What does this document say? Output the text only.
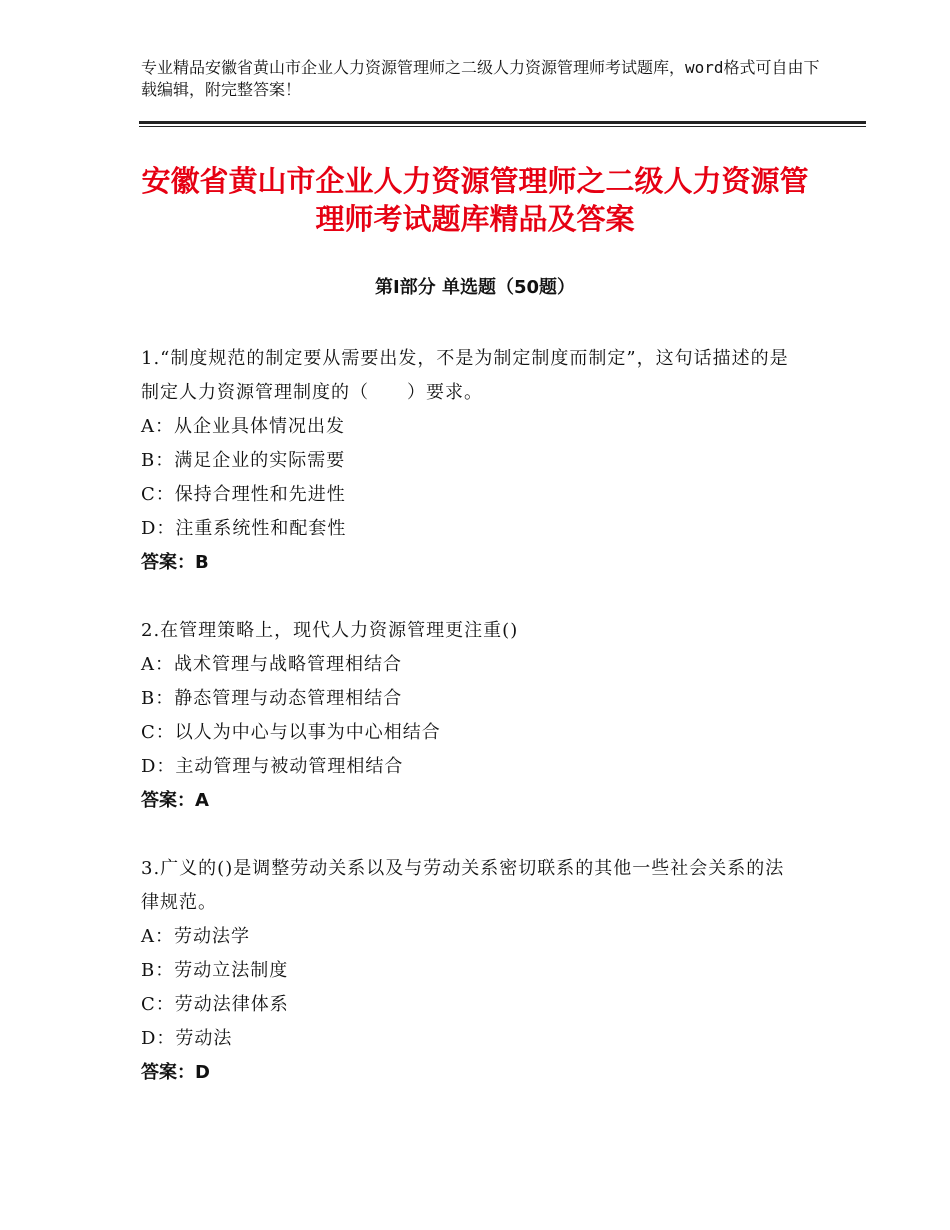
专业精品安徽省黄山市企业人力资源管理师之二级人力资源管理师考试题库，word格式可自由下载编辑，附完整答案！
安徽省黄山市企业人力资源管理师之二级人力资源管理师考试题库精品及答案
第Ⅰ部分 单选题（50题）
1.“制度规范的制定要从需要出发，不是为制定制度而制定”，这句话描述的是制定人力资源管理制度的（　　）要求。
A：从企业具体情况出发
B：满足企业的实际需要
C：保持合理性和先进性
D：注重系统性和配套性
答案：B
2.在管理策略上，现代人力资源管理更注重()
A：战术管理与战略管理相结合
B：静态管理与动态管理相结合
C：以人为中心与以事为中心相结合
D：主动管理与被动管理相结合
答案：A
3.广义的()是调整劳动关系以及与劳动关系密切联系的其他一些社会关系的法律规范。
A：劳动法学
B：劳动立法制度
C：劳动法律体系
D：劳动法
答案：D
